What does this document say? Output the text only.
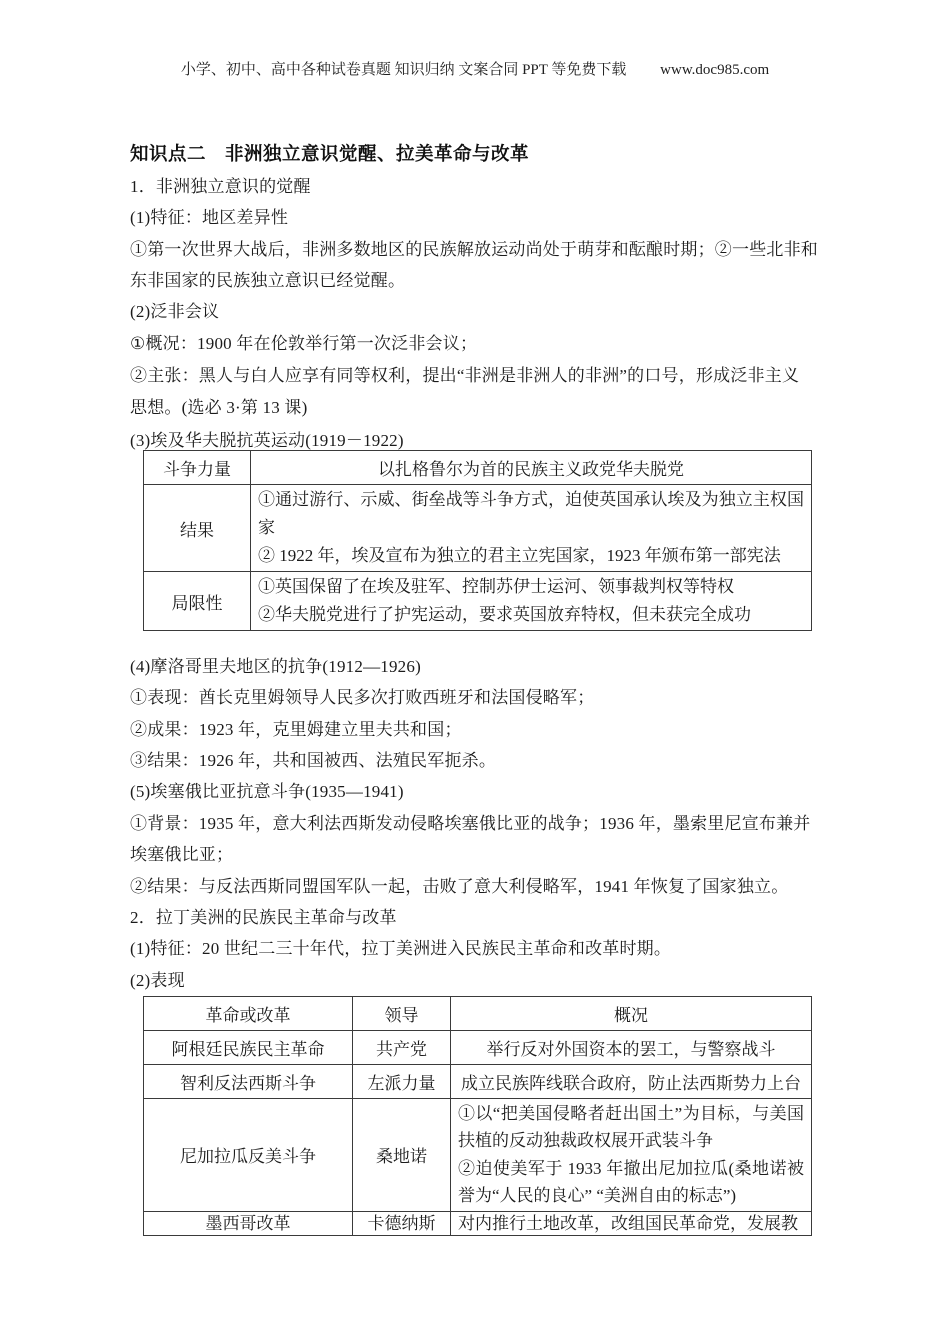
小学、初中、高中各种试卷真题 知识归纳 文案合同 PPT 等免费下载 www.doc985.com
知识点二　非洲独立意识觉醒、拉美革命与改革
1．非洲独立意识的觉醒
(1)特征：地区差异性
①第一次世界大战后，非洲多数地区的民族解放运动尚处于萌芽和酝酿时期；②一些北非和
东非国家的民族独立意识已经觉醒。
(2)泛非会议
①概况：1900 年在伦敦举行第一次泛非会议；
②主张：黑人与白人应享有同等权利，提出“非洲是非洲人的非洲”的口号，形成泛非主义
思想。(选必 3·第 13 课)
(3)埃及华夫脱抗英运动(1919－1922)
斗争力量	以扎格鲁尔为首的民族主义政党华夫脱党
结果	①通过游行、示威、街垒战等斗争方式，迫使英国承认埃及为独立主权国家
② 1922 年，埃及宣布为独立的君主立宪国家，1923 年颁布第一部宪法

局限性	①英国保留了在埃及驻军、控制苏伊士运河、领事裁判权等特权
②华夫脱党进行了护宪运动，要求英国放弃特权，但未获完全成功
(4)摩洛哥里夫地区的抗争(1912—1926)
①表现：酋长克里姆领导人民多次打败西班牙和法国侵略军；
②成果：1923 年，克里姆建立里夫共和国；
③结果：1926 年，共和国被西、法殖民军扼杀。
(5)埃塞俄比亚抗意斗争(1935—1941)
①背景：1935 年，意大利法西斯发动侵略埃塞俄比亚的战争；1936 年，墨索里尼宣布兼并
埃塞俄比亚；
②结果：与反法西斯同盟国军队一起，击败了意大利侵略军，1941 年恢复了国家独立。
2．拉丁美洲的民族民主革命与改革
(1)特征：20 世纪二三十年代，拉丁美洲进入民族民主革命和改革时期。
(2)表现
革命或改革	领导	概况
阿根廷民族民主革命	共产党	举行反对外国资本的罢工，与警察战斗
智利反法西斯斗争	左派力量	成立民族阵线联合政府，防止法西斯势力上台
尼加拉瓜反美斗争	桑地诺	①以“把美国侵略者赶出国土”为目标，与美国扶植的反动独裁政权展开武装斗争
②迫使美军于 1933 年撤出尼加拉瓜(桑地诺被誉为“人民的良心” “美洲自由的标志”)

墨西哥改革	卡德纳斯	对内推行土地改革，改组国民革命党，发展教
